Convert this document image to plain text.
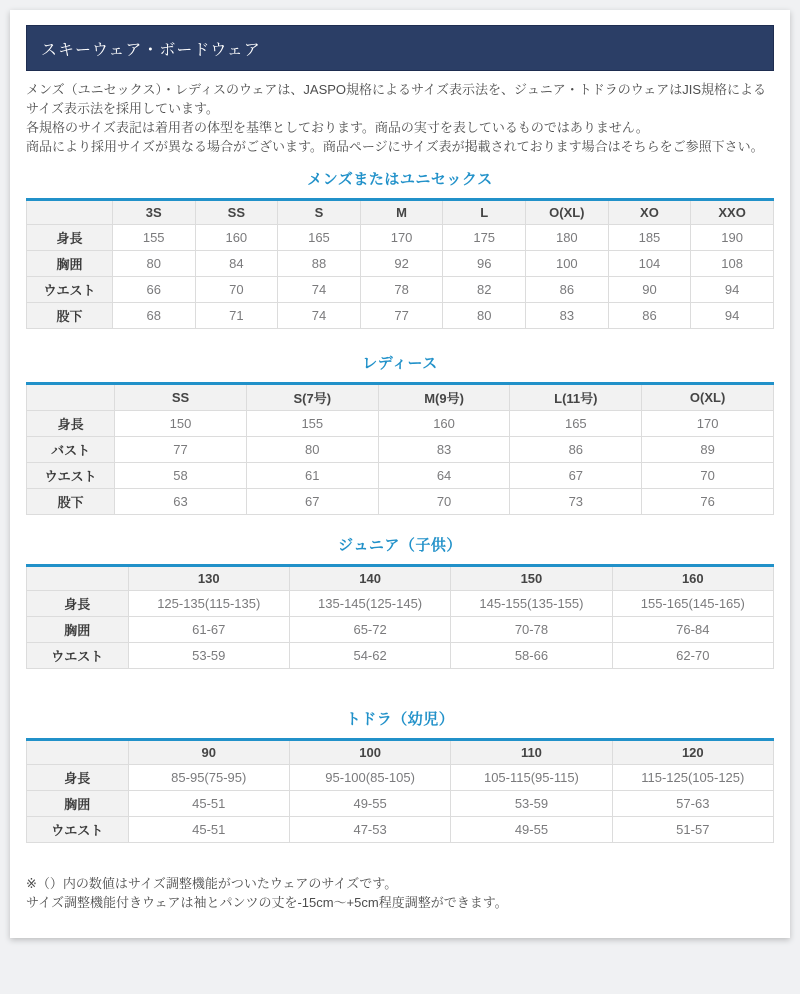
スキーウェア・ボードウェア

メンズ（ユニセックス）・レディスのウェアは、JASPO規格によるサイズ表示法を、ジュニア・トドラのウェアはJIS規格によるサイズ表示法を採用しています。

各規格のサイズ表記は着用者の体型を基準としております。商品の実寸を表しているものではありません。

商品により採用サイズが異なる場合がございます。商品ページにサイズ表が掲載されております場合はそちらをご参照下さい。

メンズまたはユニセックス
	3S	SS	S	M	L	O(XL)	XO	XXO
身長	155	160	165	170	175	180	185	190
胸囲	80	84	88	92	96	100	104	108
ウエスト	66	70	74	78	82	86	90	94
股下	68	71	74	77	80	83	86	94
レディース
	SS	S(7号)	M(9号)	L(11号)	O(XL)
身長	150	155	160	165	170
バスト	77	80	83	86	89
ウエスト	58	61	64	67	70
股下	63	67	70	73	76
ジュニア（子供）
	130	140	150	160
身長	125-135(115-135)	135-145(125-145)	145-155(135-155)	155-165(145-165)
胸囲	61-67	65-72	70-78	76-84
ウエスト	53-59	54-62	58-66	62-70
トドラ（幼児）
	90	100	110	120
身長	85-95(75-95)	95-100(85-105)	105-115(95-115)	115-125(105-125)
胸囲	45-51	49-55	53-59	57-63
ウエスト	45-51	47-53	49-55	51-57

※（）内の数値はサイズ調整機能がついたウェアのサイズです。

サイズ調整機能付きウェアは袖とパンツの丈を-15cm〜+5cm程度調整ができます。
